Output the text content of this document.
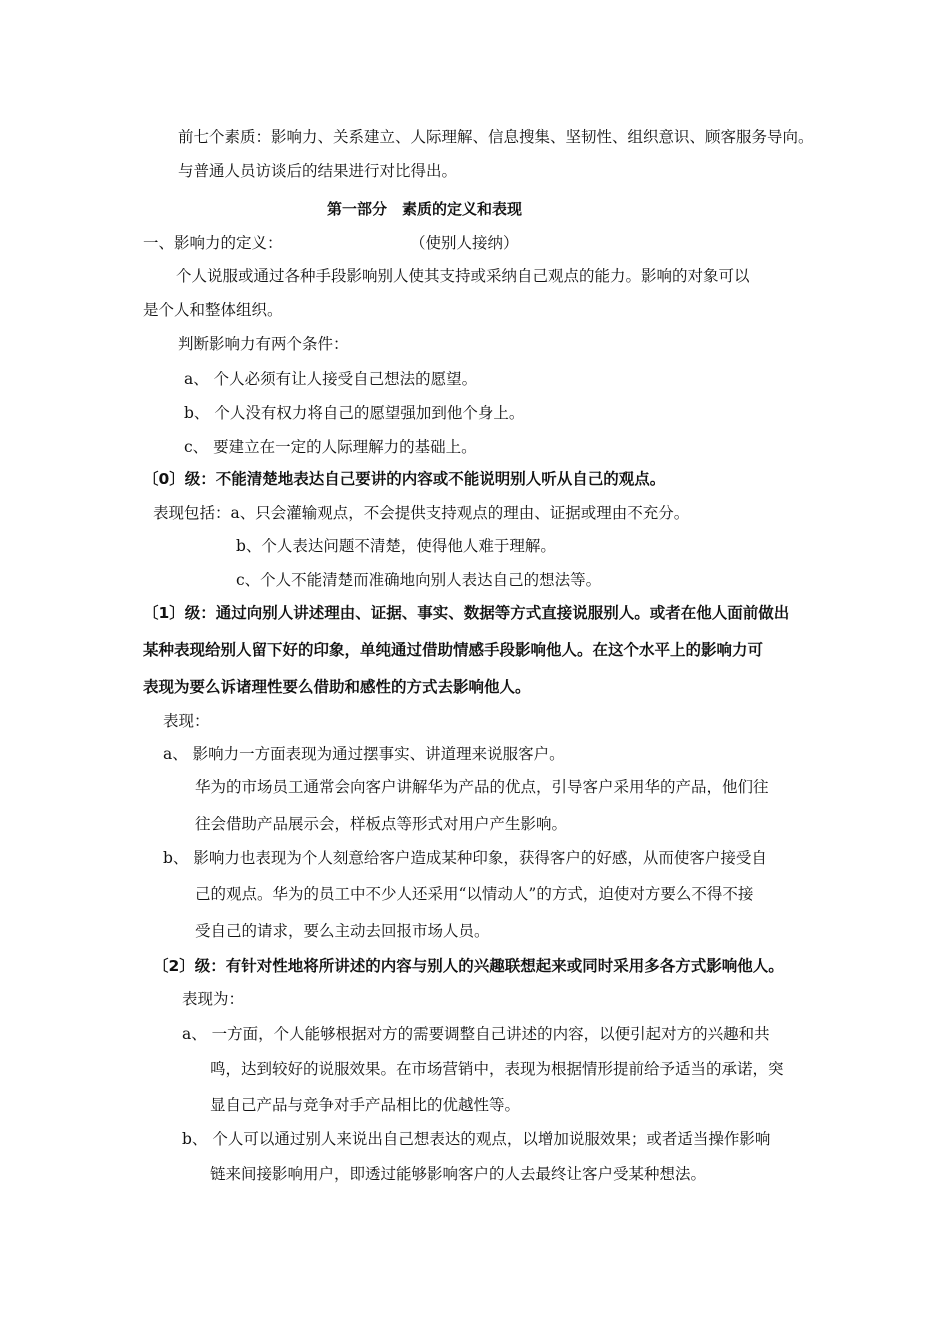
前七个素质：影响力、关系建立、人际理解、信息搜集、坚韧性、组织意识、顾客服务导向。
与普通人员访谈后的结果进行对比得出。
第一部分　素质的定义和表现
一、影响力的定义：	（使别人接纳）
个人说服或通过各种手段影响别人使其支持或采纳自己观点的能力。影响的对象可以
是个人和整体组织。
判断影响力有两个条件：
a、 个人必须有让人接受自己想法的愿望。
b、 个人没有权力将自己的愿望强加到他个身上。
c、 要建立在一定的人际理解力的基础上。
〔0〕级：不能清楚地表达自己要讲的内容或不能说明别人听从自己的观点。
表现包括：a、只会灌输观点，不会提供支持观点的理由、证据或理由不充分。
b、个人表达问题不清楚，使得他人难于理解。
c、个人不能清楚而准确地向别人表达自己的想法等。
〔1〕级：通过向别人讲述理由、证据、事实、数据等方式直接说服别人。或者在他人面前做出
某种表现给别人留下好的印象，单纯通过借助情感手段影响他人。在这个水平上的影响力可
表现为要么诉诸理性要么借助和感性的方式去影响他人。
表现：
a、 影响力一方面表现为通过摆事实、讲道理来说服客户。
华为的市场员工通常会向客户讲解华为产品的优点，引导客户采用华的产品，他们往
往会借助产品展示会，样板点等形式对用户产生影响。
b、 影响力也表现为个人刻意给客户造成某种印象，获得客户的好感，从而使客户接受自
己的观点。华为的员工中不少人还采用“以情动人”的方式，迫使对方要么不得不接
受自己的请求，要么主动去回报市场人员。
〔2〕级：有针对性地将所讲述的内容与别人的兴趣联想起来或同时采用多各方式影响他人。
表现为：
a、 一方面，个人能够根据对方的需要调整自己讲述的内容，以便引起对方的兴趣和共
鸣，达到较好的说服效果。在市场营销中，表现为根据情形提前给予适当的承诺，突
显自己产品与竞争对手产品相比的优越性等。
b、 个人可以通过别人来说出自己想表达的观点，以增加说服效果；或者适当操作影响
链来间接影响用户，即透过能够影响客户的人去最终让客户受某种想法。
